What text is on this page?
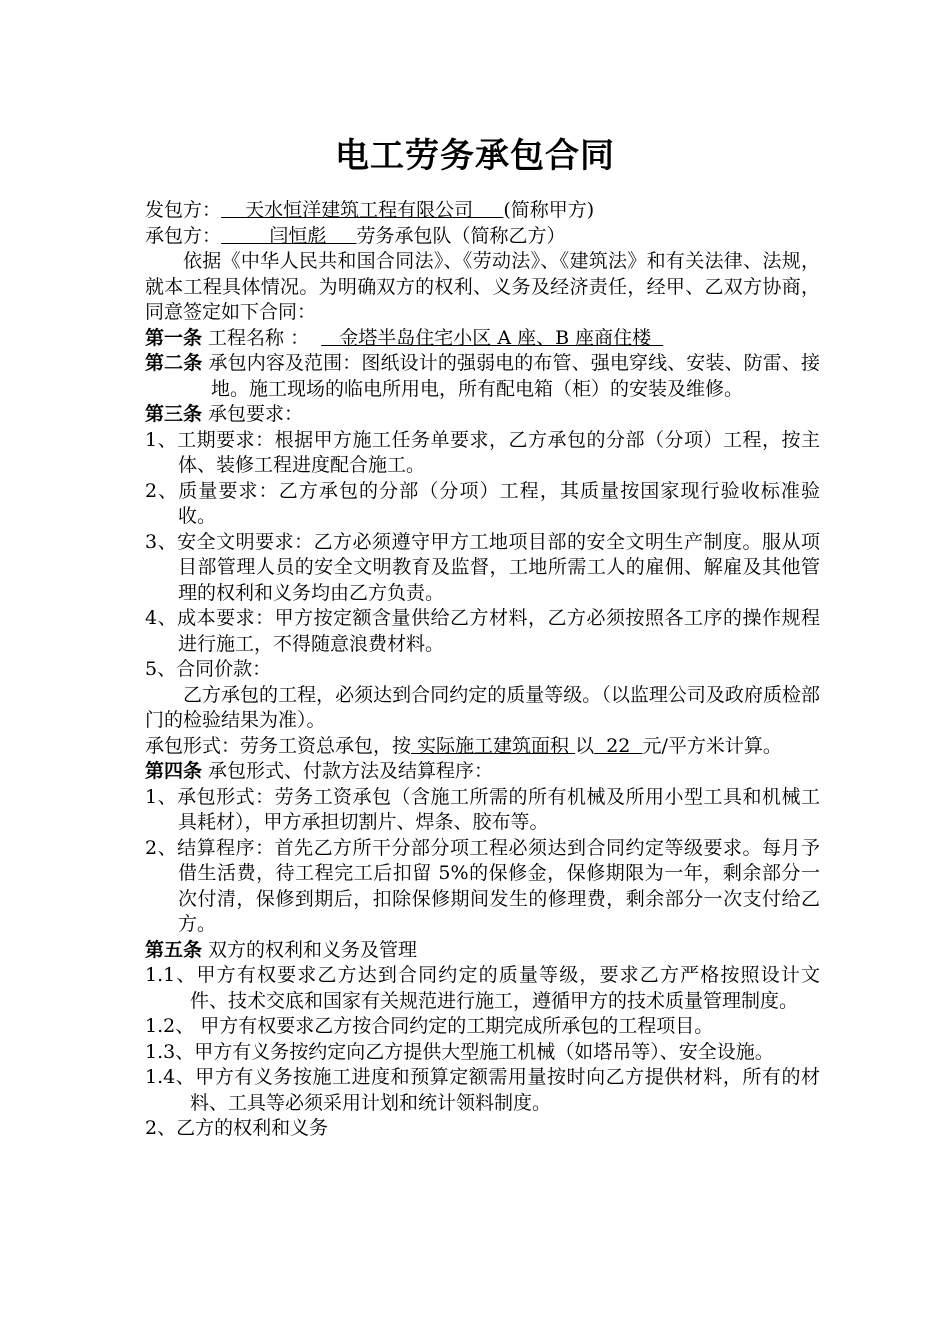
电工劳务承包合同
发包方：    天水恒洋建筑工程有限公司     (简称甲方)
承包方：        闫恒彪     劳务承包队（简称乙方）

依据《中华人民共和国合同法》、《劳动法》、《建筑法》和有关法律、法规，就本工程具体情况。为明确双方的权利、义务及经济责任，经甲、乙双方协商，同意签定如下合同：

第一条 工程名称 ：     金塔半岛住宅小区 A 座、B 座商住楼

第二条 承包内容及范围：图纸设计的强弱电的布管、强电穿线、安装、防雷、接地。施工现场的临电所用电，所有配电箱（柜）的安装及维修。

第三条 承包要求：

1、工期要求：根据甲方施工任务单要求，乙方承包的分部（分项）工程，按主体、装修工程进度配合施工。

2、质量要求：乙方承包的分部（分项）工程，其质量按国家现行验收标准验收。

3、安全文明要求：乙方必须遵守甲方工地项目部的安全文明生产制度。服从项目部管理人员的安全文明教育及监督，工地所需工人的雇佣、解雇及其他管理的权利和义务均由乙方负责。

4、成本要求：甲方按定额含量供给乙方材料，乙方必须按照各工序的操作规程进行施工，不得随意浪费材料。

5、合同价款：

乙方承包的工程，必须达到合同约定的质量等级。（以监理公司及政府质检部门的检验结果为准）。

承包形式：劳务工资总承包，按 实际施工建筑面积 以  22  元/平方米计算。

第四条 承包形式、付款方法及结算程序：

1、承包形式：劳务工资承包（含施工所需的所有机械及所用小型工具和机械工具耗材），甲方承担切割片、焊条、胶布等。

2、结算程序：首先乙方所干分部分项工程必须达到合同约定等级要求。每月予借生活费，待工程完工后扣留 5%的保修金，保修期限为一年，剩余部分一次付清，保修到期后，扣除保修期间发生的修理费，剩余部分一次支付给乙方。

第五条 双方的权利和义务及管理

1.1、甲方有权要求乙方达到合同约定的质量等级，要求乙方严格按照设计文件、技术交底和国家有关规范进行施工，遵循甲方的技术质量管理制度。

1.2、 甲方有权要求乙方按合同约定的工期完成所承包的工程项目。

1.3、甲方有义务按约定向乙方提供大型施工机械（如塔吊等）、安全设施。

1.4、甲方有义务按施工进度和预算定额需用量按时向乙方提供材料，所有的材料、工具等必须采用计划和统计领料制度。

2、乙方的权利和义务
